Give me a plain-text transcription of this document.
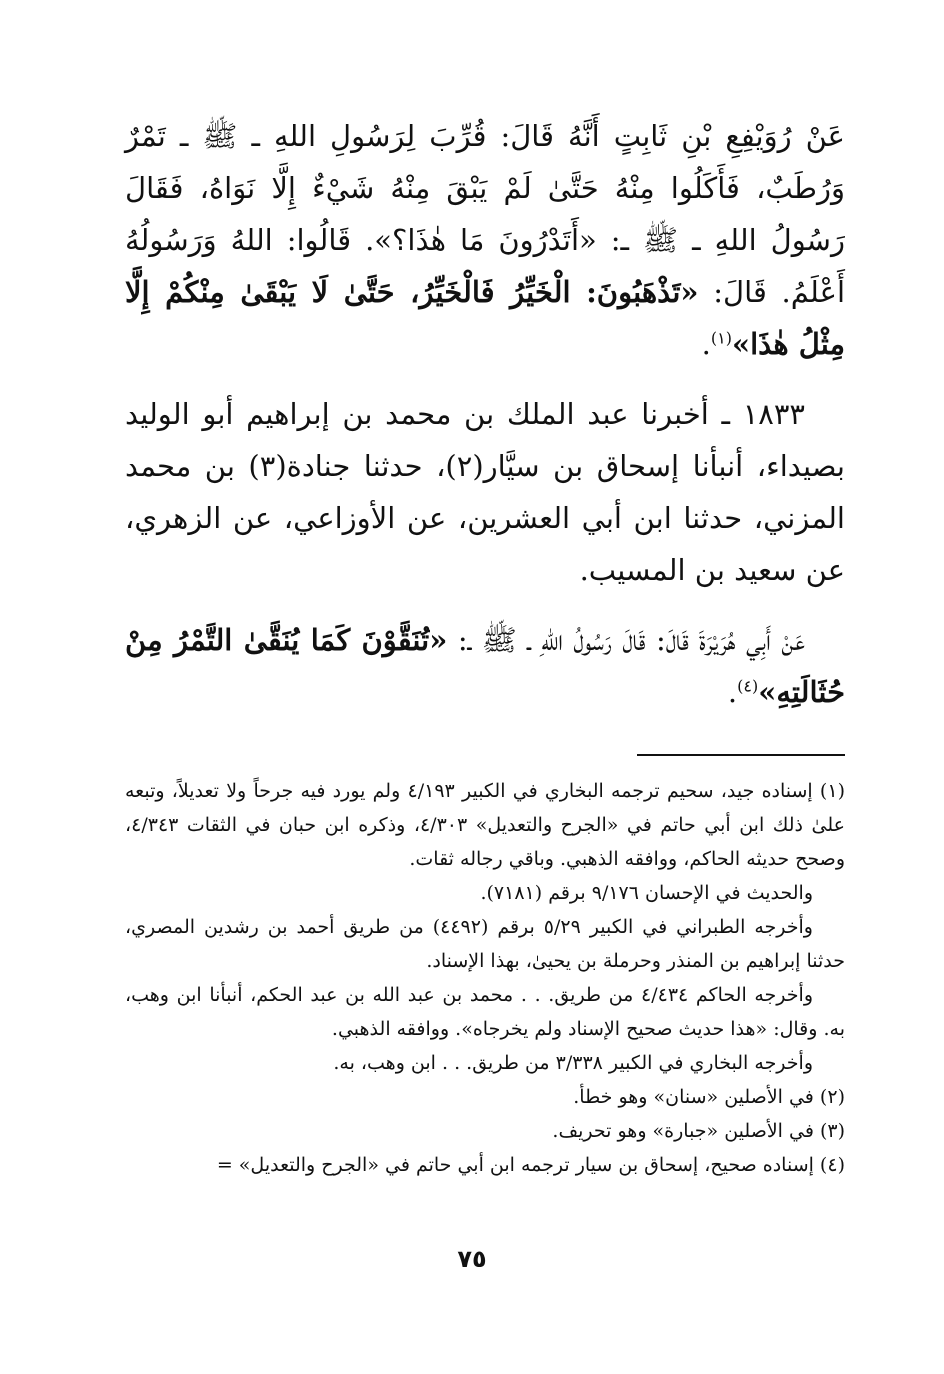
عَنْ رُوَيْفِعِ بْنِ ثَابِتٍ أَنَّهُ قَالَ: قُرِّبَ لِرَسُولِ اللهِ ـ ﷺ ـ تَمْرٌ وَرُطَبٌ، فَأَكَلُوا مِنْهُ حَتَّىٰ لَمْ يَبْقَ مِنْهُ شَيْءٌ إِلَّا نَوَاهُ، فَقَالَ رَسُولُ اللهِ ـ ﷺ ـ: «أَتَدْرُونَ مَا هٰذَا؟». قَالُوا: اللهُ وَرَسُولُهُ أَعْلَمُ. قَالَ: «تَذْهَبُونَ: الْخَيِّرُ فَالْخَيِّرُ، حَتَّىٰ لَا يَبْقَىٰ مِنْكُمْ إِلَّا مِثْلُ هٰذَا»$^{(١)}$.

١٨٣٣ ـ أخبرنا عبد الملك بن محمد بن إبراهيم أبو الوليد بصيداء، أنبأنا إسحاق بن سيَّار(٢)، حدثنا جنادة(٣) بن محمد المزني، حدثنا ابن أبي العشرين، عن الأوزاعي، عن الزهري، عن سعيد بن المسيب.

عَنْ أَبِي هُرَيْرَةَ قَالَ: قَالَ رَسُولُ اللهِ ـ ﷺ ـ: «تُنَقَّوْنَ كَمَا يُنَقَّىٰ التَّمْرُ مِنْ حُثَالَتِهِ»$^{(٤)}$.

(١) إسناده جيد، سحيم ترجمه البخاري في الكبير ٤/١٩٣ ولم يورد فيه جرحاً ولا تعديلاً، وتبعه علىٰ ذلك ابن أبي حاتم في «الجرح والتعديل» ٤/٣٠٣، وذكره ابن حبان في الثقات ٤/٣٤٣، وصحح حديثه الحاكم، ووافقه الذهبي. وباقي رجاله ثقات.

والحديث في الإحسان ٩/١٧٦ برقم (٧١٨١).

وأخرجه الطبراني في الكبير ٥/٢٩ برقم (٤٤٩٢) من طريق أحمد بن رشدين المصري، حدثنا إبراهيم بن المنذر وحرملة بن يحيىٰ، بهذا الإسناد.

وأخرجه الحاكم ٤/٤٣٤ من طريق. . . محمد بن عبد الله بن عبد الحكم، أنبأنا ابن وهب، به. وقال: «هذا حديث صحيح الإسناد ولم يخرجاه». ووافقه الذهبي.

وأخرجه البخاري في الكبير ٣/٣٣٨ من طريق. . . ابن وهب، به.

(٢) في الأصلين «سنان» وهو خطأ.

(٣) في الأصلين «جبارة» وهو تحريف.

(٤) إسناده صحيح، إسحاق بن سيار ترجمه ابن أبي حاتم في «الجرح والتعديل» =

٧٥
